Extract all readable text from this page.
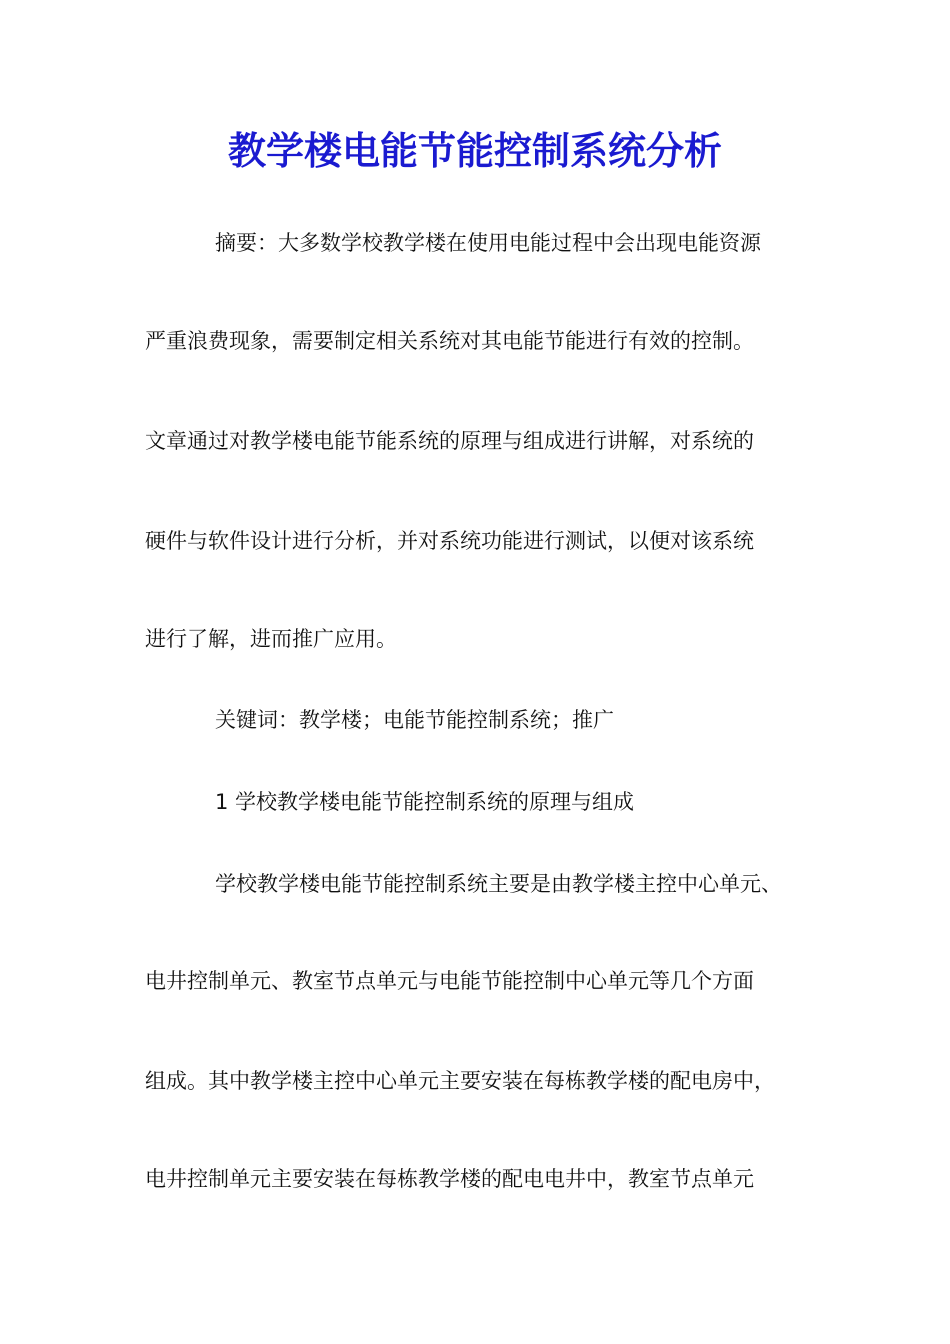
教学楼电能节能控制系统分析
摘要：大多数学校教学楼在使用电能过程中会出现电能资源
严重浪费现象，需要制定相关系统对其电能节能进行有效的控制。
文章通过对教学楼电能节能系统的原理与组成进行讲解，对系统的
硬件与软件设计进行分析，并对系统功能进行测试，以便对该系统
进行了解，进而推广应用。
关键词：教学楼；电能节能控制系统；推广
1 学校教学楼电能节能控制系统的原理与组成
学校教学楼电能节能控制系统主要是由教学楼主控中心单元、
电井控制单元、教室节点单元与电能节能控制中心单元等几个方面
组成。其中教学楼主控中心单元主要安装在每栋教学楼的配电房中，
电井控制单元主要安装在每栋教学楼的配电电井中，教室节点单元
